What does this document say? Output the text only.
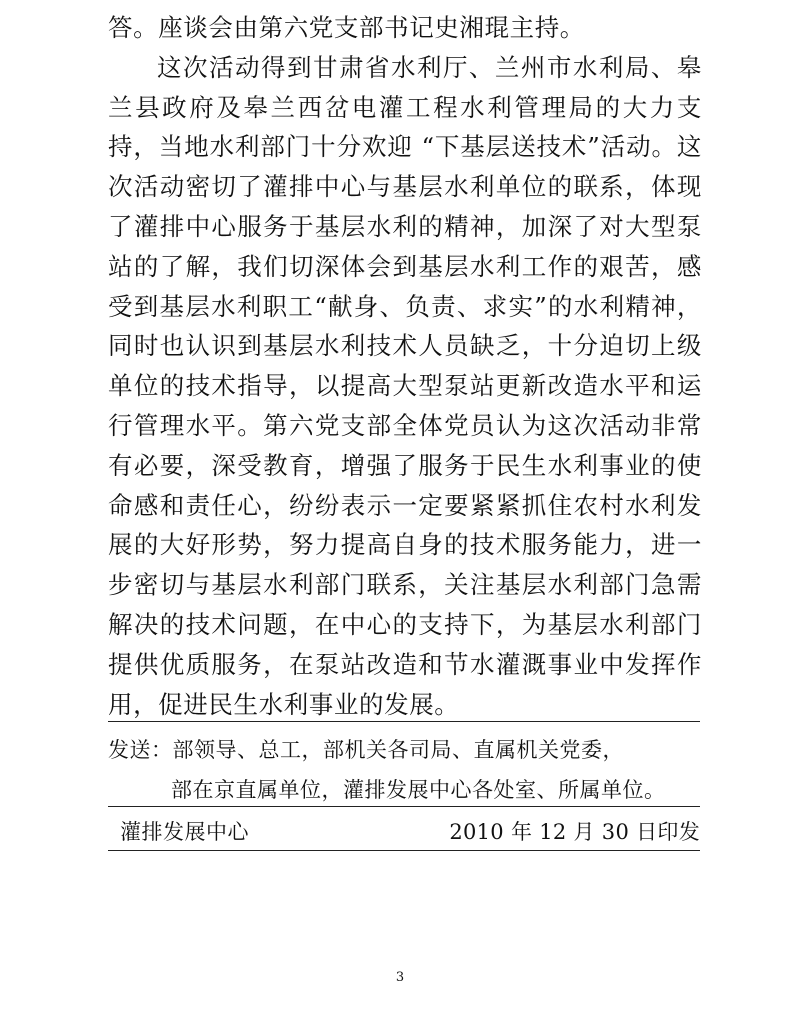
答。座谈会由第六党支部书记史湘琨主持。

这次活动得到甘肃省水利厅、兰州市水利局、皋兰县政府及皋兰西岔电灌工程水利管理局的大力支持，当地水利部门十分欢迎 “下基层送技术”活动。这次活动密切了灌排中心与基层水利单位的联系，体现了灌排中心服务于基层水利的精神，加深了对大型泵站的了解，我们切深体会到基层水利工作的艰苦，感受到基层水利职工“献身、负责、求实”的水利精神，同时也认识到基层水利技术人员缺乏，十分迫切上级单位的技术指导，以提高大型泵站更新改造水平和运行管理水平。第六党支部全体党员认为这次活动非常有必要，深受教育，增强了服务于民生水利事业的使命感和责任心，纷纷表示一定要紧紧抓住农村水利发展的大好形势，努力提高自身的技术服务能力，进一步密切与基层水利部门联系，关注基层水利部门急需解决的技术问题，在中心的支持下，为基层水利部门提供优质服务，在泵站改造和节水灌溉事业中发挥作用，促进民生水利事业的发展。

发送：部领导、总工，部机关各司局、直属机关党委，
部在京直属单位，灌排发展中心各处室、所属单位。
灌排发展中心	2010 年 12 月 30 日印发
3
